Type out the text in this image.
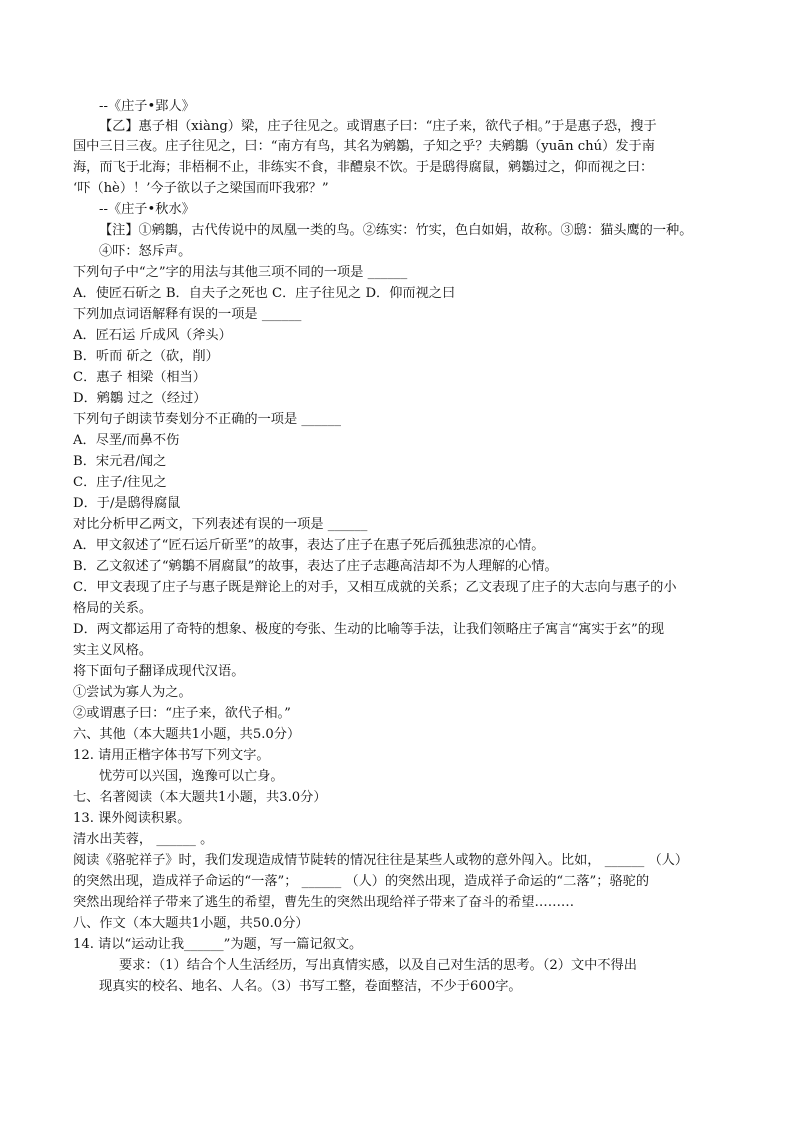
--《庄子•郢人》
【乙】惠子相（xiàng）梁，庄子往见之。或谓惠子曰：“庄子来，欲代子相。”于是惠子恐，搜于
国中三日三夜。庄子往见之，曰：“南方有鸟，其名为鹓鶵，子知之乎？夫鹓鶵（yuān chú）发于南
海，而飞于北海；非梧桐不止，非练实不食，非醴泉不饮。于是鸱得腐鼠，鹓鶵过之，仰而视之曰：
‘吓（hè）！’今子欲以子之梁国而吓我邪？”
--《庄子•秋水》
【注】①鹓鶵，古代传说中的凤凰一类的鸟。②练实：竹实，色白如娟，故称。③鸱：猫头鹰的一种。
④吓：怒斥声。
下列句子中“之”字的用法与其他三项不同的一项是 ______
A．使匠石斫之 B．自夫子之死也 C．庄子往见之 D．仰而视之曰
下列加点词语解释有误的一项是 ______
A．匠石运 斤成风（斧头）
B．听而 斫之（砍，削）
C．惠子 相梁（相当）
D．鹓鶵 过之（经过）
下列句子朗读节奏划分不正确的一项是 ______
A．尽垩/而鼻不伤
B．宋元君/闻之
C．庄子/往见之
D．于/是鸱得腐鼠
对比分析甲乙两文，下列表述有误的一项是 ______
A．甲文叙述了“匠石运斤斫垩”的故事，表达了庄子在惠子死后孤独悲凉的心情。
B．乙文叙述了“鹓鶵不屑腐鼠”的故事，表达了庄子志趣高洁却不为人理解的心情。
C．甲文表现了庄子与惠子既是辩论上的对手，又相互成就的关系；乙文表现了庄子的大志向与惠子的小
格局的关系。
D．两文都运用了奇特的想象、极度的夸张、生动的比喻等手法，让我们领略庄子寓言“寓实于玄”的现
实主义风格。
将下面句子翻译成现代汉语。
①尝试为寡人为之。
②或谓惠子曰：“庄子来，欲代子相。”
六、其他（本大题共1小题，共5.0分）
12. 请用正楷字体书写下列文字。
忧劳可以兴国，逸豫可以亡身。
七、名著阅读（本大题共1小题，共3.0分）
13. 课外阅读积累。
清水出芙蓉， ______ 。
阅读《骆驼祥子》时，我们发现造成情节陡转的情况往往是某些人或物的意外闯入。比如， ______ （人）
的突然出现，造成祥子命运的“一落”； ______ （人）的突然出现，造成祥子命运的“二落”；骆驼的
突然出现给祥子带来了逃生的希望，曹先生的突然出现给祥子带来了奋斗的希望………
八、作文（本大题共1小题，共50.0分）
14. 请以“运动让我______”为题，写一篇记叙文。
要求：（1）结合个人生活经历，写出真情实感，以及自己对生活的思考。（2）文中不得出
现真实的校名、地名、人名。（3）书写工整，卷面整洁，不少于600字。
